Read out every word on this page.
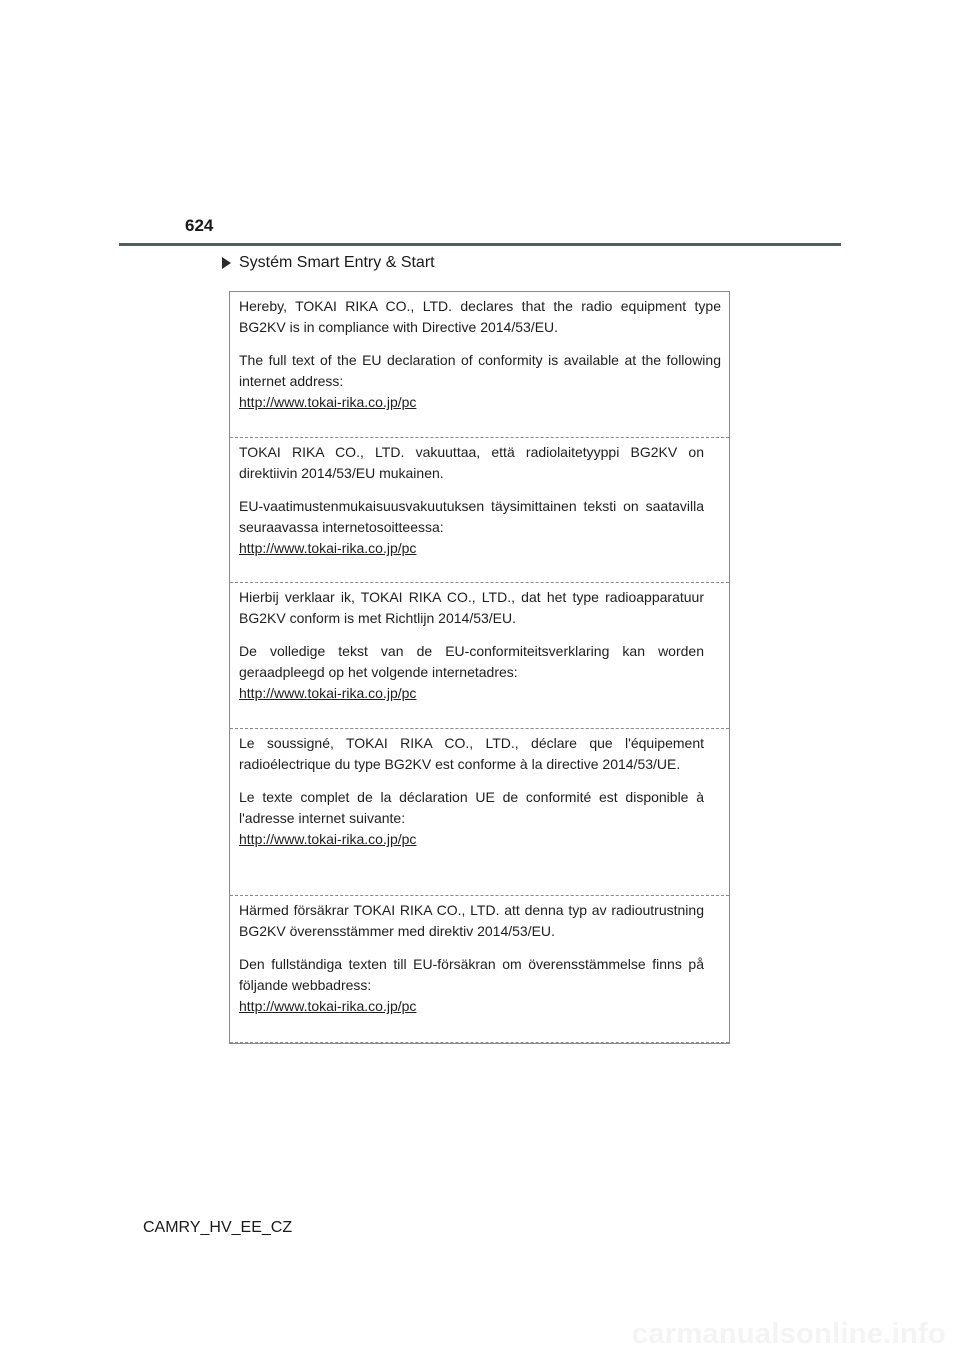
624
Systém Smart Entry & Start

Hereby, TOKAI RIKA CO., LTD. declares that the radio equipment type BG2KV is in compliance with Directive 2014/53/EU.

The full text of the EU declaration of conformity is available at the following internet address:

http://www.tokai-rika.co.jp/pc

TOKAI RIKA CO., LTD. vakuuttaa, että radiolaitetyyppi BG2KV on direktiivin 2014/53/EU mukainen.

EU-vaatimustenmukaisuusvakuutuksen täysimittainen teksti on saatavilla seuraavassa internetosoitteessa:

http://www.tokai-rika.co.jp/pc

Hierbij verklaar ik, TOKAI RIKA CO., LTD., dat het type radioapparatuur BG2KV conform is met Richtlijn 2014/53/EU.

De volledige tekst van de EU-conformiteitsverklaring kan worden geraadpleegd op het volgende internetadres:

http://www.tokai-rika.co.jp/pc

Le soussigné, TOKAI RIKA CO., LTD., déclare que l'équipement radioélectrique du type BG2KV est conforme à la directive 2014/53/UE.

Le texte complet de la déclaration UE de conformité est disponible à l'adresse internet suivante:

http://www.tokai-rika.co.jp/pc

Härmed försäkrar TOKAI RIKA CO., LTD. att denna typ av radioutrustning BG2KV överensstämmer med direktiv 2014/53/EU.

Den fullständiga texten till EU-försäkran om överensstämmelse finns på följande webbadress:

http://www.tokai-rika.co.jp/pc
CAMRY_HV_EE_CZ
carmanualsonline.info
